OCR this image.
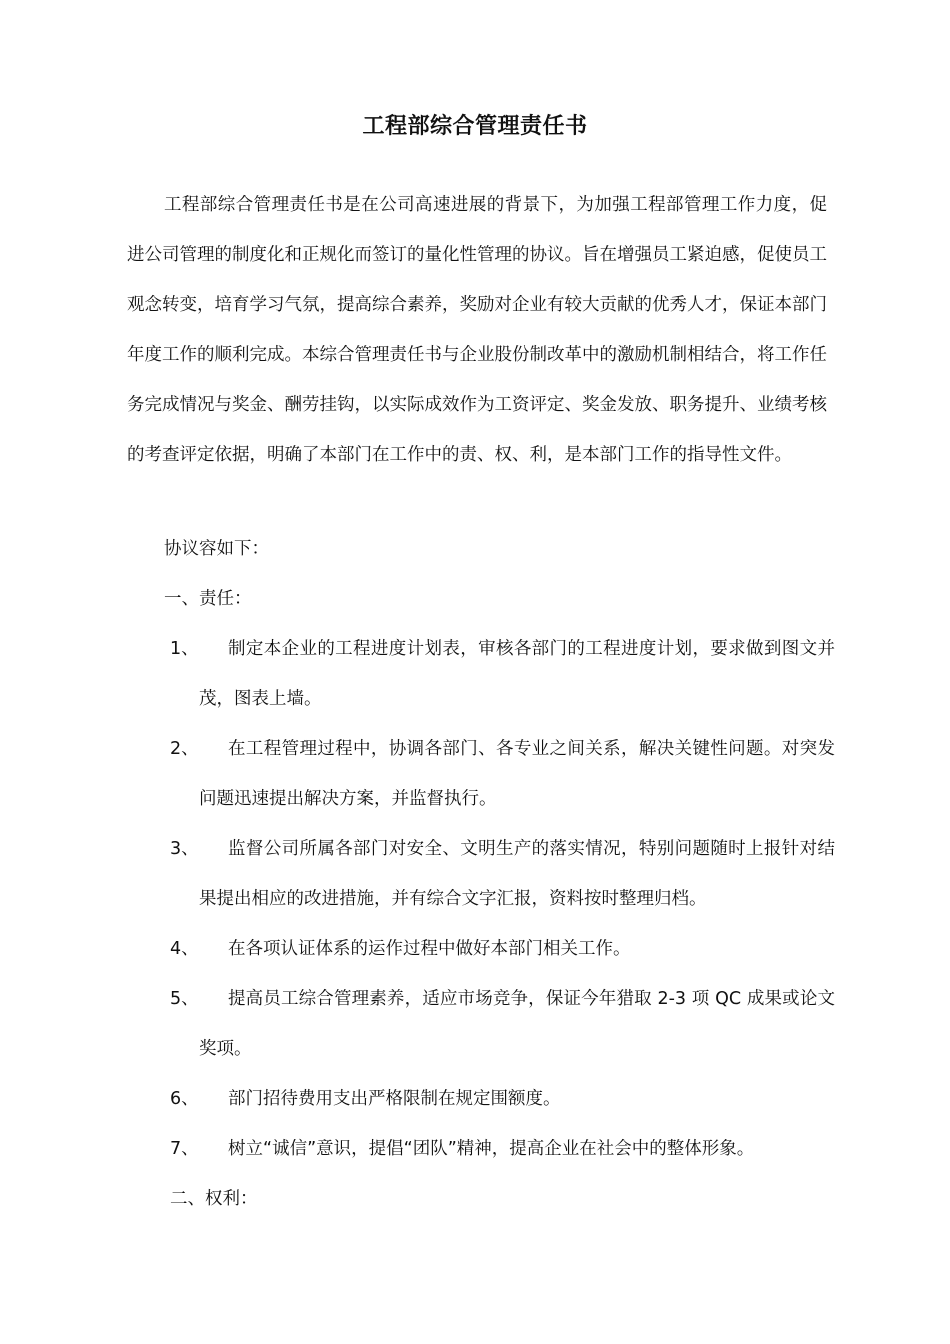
工程部综合管理责任书

工程部综合管理责任书是在公司高速进展的背景下，为加强工程部管理工作力度，促进公司管理的制度化和正规化而签订的量化性管理的协议。旨在增强员工紧迫感，促使员工观念转变，培育学习气氛，提高综合素养，奖励对企业有较大贡献的优秀人才，保证本部门年度工作的顺利完成。本综合管理责任书与企业股份制改革中的激励机制相结合，将工作任务完成情况与奖金、酬劳挂钩，以实际成效作为工资评定、奖金发放、职务提升、业绩考核的考查评定依据，明确了本部门在工作中的责、权、利，是本部门工作的指导性文件。

协议容如下：

一、责任：

1、	制定本企业的工程进度计划表，审核各部门的工程进度计划，要求做到图文并茂，图表上墙。
2、	在工程管理过程中，协调各部门、各专业之间关系，解决关键性问题。对突发问题迅速提出解决方案，并监督执行。
3、	监督公司所属各部门对安全、文明生产的落实情况，特别问题随时上报针对结果提出相应的改进措施，并有综合文字汇报，资料按时整理归档。
4、	在各项认证体系的运作过程中做好本部门相关工作。
5、	提高员工综合管理素养，适应市场竞争，保证今年猎取 2-3 项 QC 成果或论文奖项。
6、	部门招待费用支出严格限制在规定围额度。
7、	树立“诚信”意识，提倡“团队”精神，提高企业在社会中的整体形象。

二、权利：
